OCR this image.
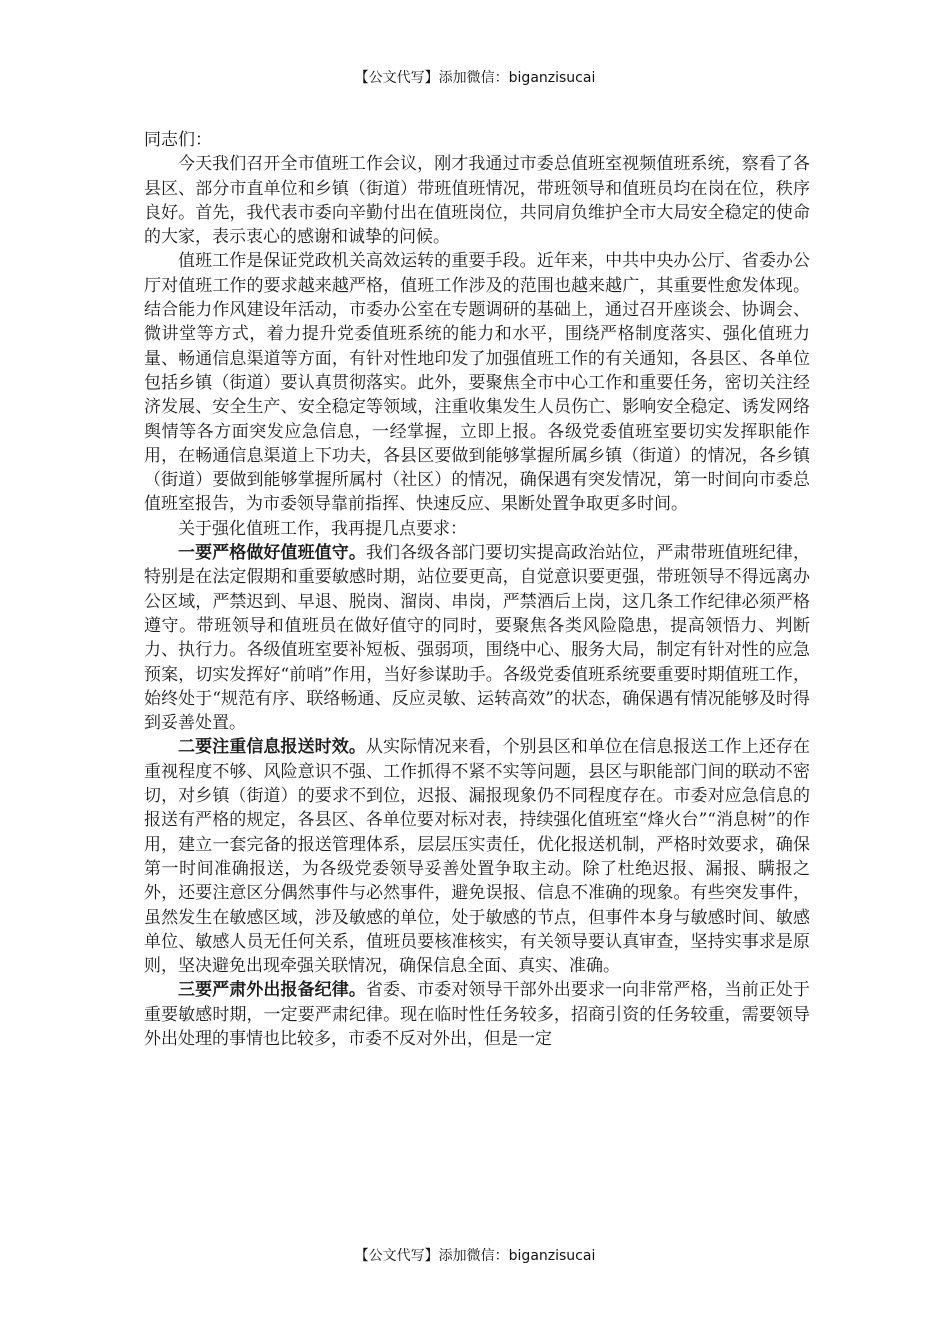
【公文代写】添加微信：biganzisucai

同志们：

今天我们召开全市值班工作会议，刚才我通过市委总值班室视频值班系统，察看了各县区、部分市直单位和乡镇（街道）带班值班情况，带班领导和值班员均在岗在位，秩序良好。首先，我代表市委向辛勤付出在值班岗位，共同肩负维护全市大局安全稳定的使命的大家，表示衷心的感谢和诚挚的问候。

值班工作是保证党政机关高效运转的重要手段。近年来，中共中央办公厅、省委办公厅对值班工作的要求越来越严格，值班工作涉及的范围也越来越广，其重要性愈发体现。结合能力作风建设年活动，市委办公室在专题调研的基础上，通过召开座谈会、协调会、微讲堂等方式，着力提升党委值班系统的能力和水平，围绕严格制度落实、强化值班力量、畅通信息渠道等方面，有针对性地印发了加强值班工作的有关通知，各县区、各单位包括乡镇（街道）要认真贯彻落实。此外，要聚焦全市中心工作和重要任务，密切关注经济发展、安全生产、安全稳定等领域，注重收集发生人员伤亡、影响安全稳定、诱发网络舆情等各方面突发应急信息，一经掌握，立即上报。各级党委值班室要切实发挥职能作用，在畅通信息渠道上下功夫，各县区要做到能够掌握所属乡镇（街道）的情况，各乡镇（街道）要做到能够掌握所属村（社区）的情况，确保遇有突发情况，第一时间向市委总值班室报告，为市委领导靠前指挥、快速反应、果断处置争取更多时间。

关于强化值班工作，我再提几点要求：

一要严格做好值班值守。我们各级各部门要切实提高政治站位，严肃带班值班纪律，特别是在法定假期和重要敏感时期，站位要更高，自觉意识要更强，带班领导不得远离办公区域，严禁迟到、早退、脱岗、溜岗、串岗，严禁酒后上岗，这几条工作纪律必须严格遵守。带班领导和值班员在做好值守的同时，要聚焦各类风险隐患，提高领悟力、判断力、执行力。各级值班室要补短板、强弱项，围绕中心、服务大局，制定有针对性的应急预案，切实发挥好“前哨”作用，当好参谋助手。各级党委值班系统要重要时期值班工作，始终处于“规范有序、联络畅通、反应灵敏、运转高效”的状态，确保遇有情况能够及时得到妥善处置。

二要注重信息报送时效。从实际情况来看，个别县区和单位在信息报送工作上还存在重视程度不够、风险意识不强、工作抓得不紧不实等问题，县区与职能部门间的联动不密切，对乡镇（街道）的要求不到位，迟报、漏报现象仍不同程度存在。市委对应急信息的报送有严格的规定，各县区、各单位要对标对表，持续强化值班室“烽火台”“消息树”的作用，建立一套完备的报送管理体系，层层压实责任，优化报送机制，严格时效要求，确保第一时间准确报送，为各级党委领导妥善处置争取主动。除了杜绝迟报、漏报、瞒报之外，还要注意区分偶然事件与必然事件，避免误报、信息不准确的现象。有些突发事件，虽然发生在敏感区域，涉及敏感的单位，处于敏感的节点，但事件本身与敏感时间、敏感单位、敏感人员无任何关系，值班员要核准核实，有关领导要认真审查，坚持实事求是原则，坚决避免出现牵强关联情况，确保信息全面、真实、准确。

三要严肃外出报备纪律。省委、市委对领导干部外出要求一向非常严格，当前正处于重要敏感时期，一定要严肃纪律。现在临时性任务较多，招商引资的任务较重，需要领导外出处理的事情也比较多，市委不反对外出，但是一定

【公文代写】添加微信：biganzisucai
